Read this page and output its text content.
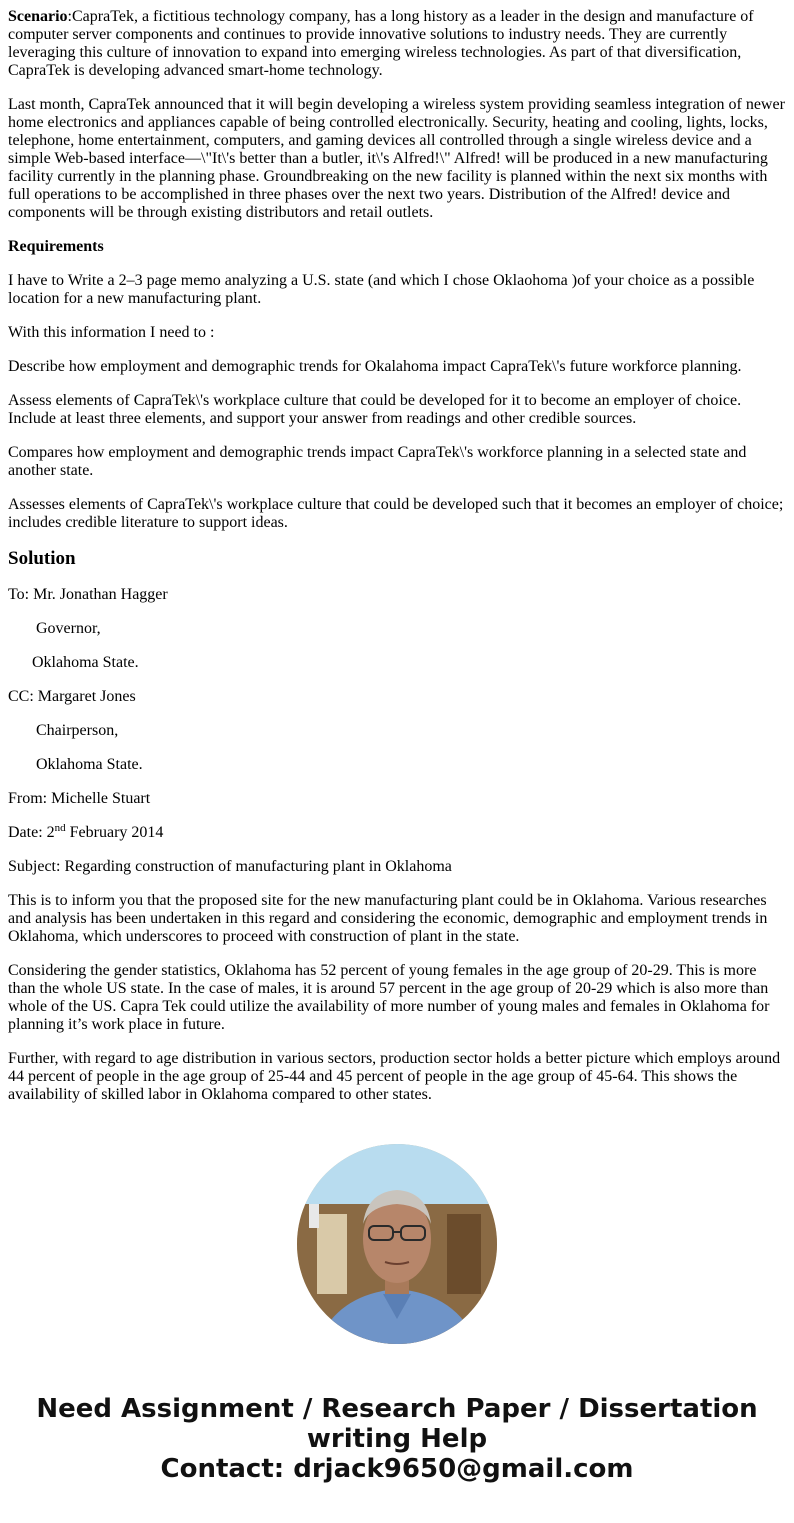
Scenario:CapraTek, a fictitious technology company, has a long history as a leader in the design and manufacture of computer server components and continues to provide innovative solutions to industry needs. They are currently leveraging this culture of innovation to expand into emerging wireless technologies. As part of that diversification, CapraTek is developing advanced smart-home technology.

Last month, CapraTek announced that it will begin developing a wireless system providing seamless integration of newer home electronics and appliances capable of being controlled electronically. Security, heating and cooling, lights, locks, telephone, home entertainment, computers, and gaming devices all controlled through a single wireless device and a simple Web-based interface—\"It\'s better than a butler, it\'s Alfred!\" Alfred! will be produced in a new manufacturing facility currently in the planning phase. Groundbreaking on the new facility is planned within the next six months with full operations to be accomplished in three phases over the next two years. Distribution of the Alfred! device and components will be through existing distributors and retail outlets.

Requirements

I have to Write a 2–3 page memo analyzing a U.S. state (and which I chose Oklaohoma )of your choice as a possible location for a new manufacturing plant.

With this information I need to :

Describe how employment and demographic trends for Okalahoma impact CapraTek\'s future workforce planning.

Assess elements of CapraTek\'s workplace culture that could be developed for it to become an employer of choice. Include at least three elements, and support your answer from readings and other credible sources.

Compares how employment and demographic trends impact CapraTek\'s workforce planning in a selected state and another state.

Assesses elements of CapraTek\'s workplace culture that could be developed such that it becomes an employer of choice; includes credible literature to support ideas.

Solution

To: Mr. Jonathan Hagger

Governor,

Oklahoma State.

CC: Margaret Jones

Chairperson,

Oklahoma State.

From: Michelle Stuart

Date: 2nd February 2014

Subject: Regarding construction of manufacturing plant in Oklahoma

This is to inform you that the proposed site for the new manufacturing plant could be in Oklahoma. Various researches and analysis has been undertaken in this regard and considering the economic, demographic and employment trends in Oklahoma, which underscores to proceed with construction of plant in the state.

Considering the gender statistics, Oklahoma has 52 percent of young females in the age group of 20-29. This is more than the whole US state. In the case of males, it is around 57 percent in the age group of 20-29 which is also more than whole of the US. Capra Tek could utilize the availability of more number of young males and females in Oklahoma for planning it’s work place in future.

Further, with regard to age distribution in various sectors, production sector holds a better picture which employs around 44 percent of people in the age group of 25-44 and 45 percent of people in the age group of 45-64. This shows the availability of skilled labor in Oklahoma compared to other states.

Need Assignment / Research Paper / Dissertation
writing Help
Contact: drjack9650@gmail.com
